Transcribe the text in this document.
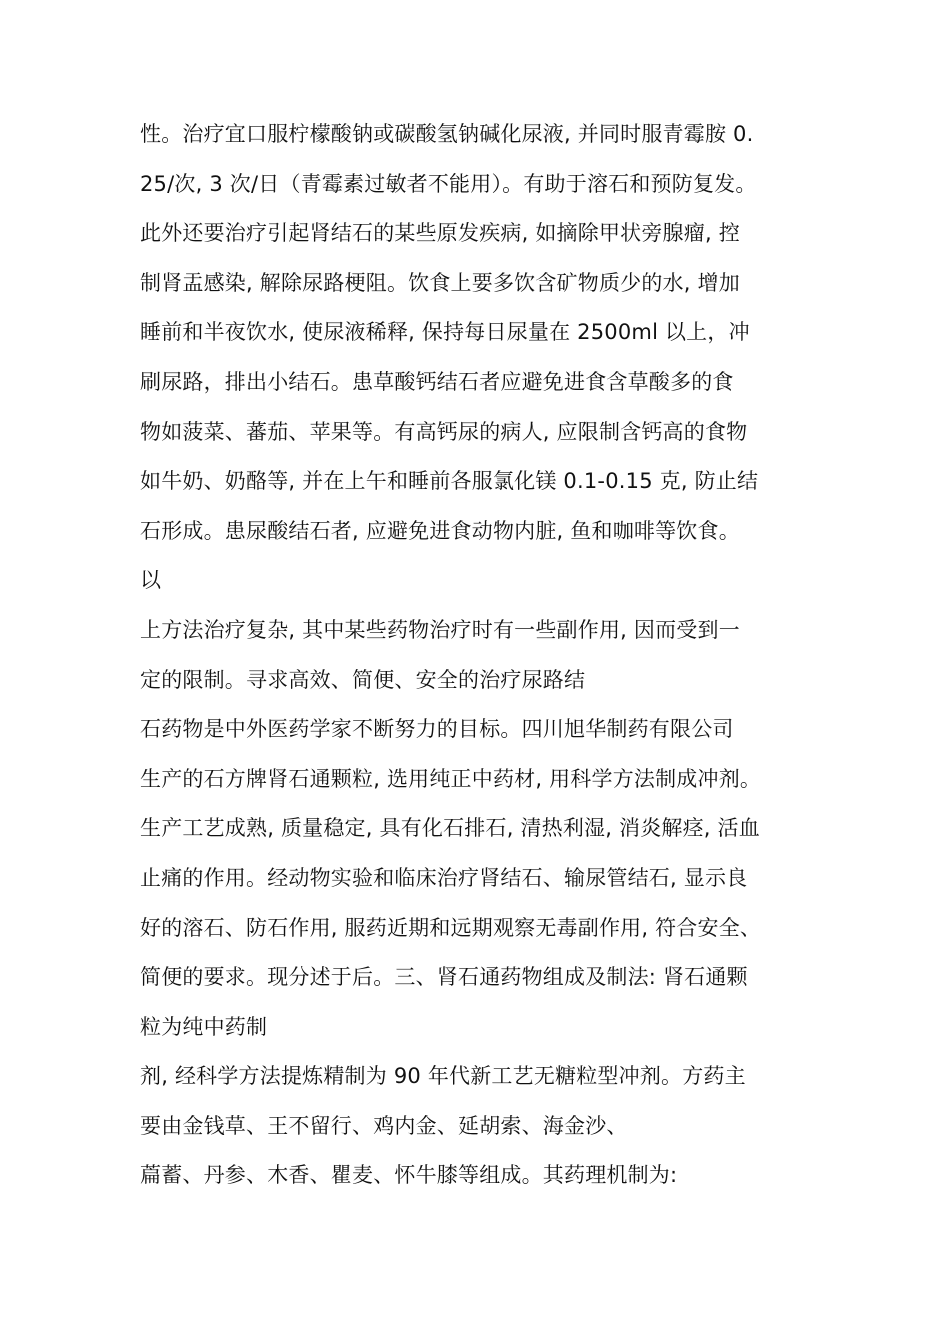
性。治疗宜口服柠檬酸钠或碳酸氢钠碱化尿液, 并同时服青霉胺 0.
25/次, 3 次/日（青霉素过敏者不能用）。有助于溶石和预防复发。
此外还要治疗引起肾结石的某些原发疾病, 如摘除甲状旁腺瘤, 控
制肾盂感染, 解除尿路梗阻。饮食上要多饮含矿物质少的水, 增加
睡前和半夜饮水, 使尿液稀释, 保持每日尿量在 2500ml 以上，冲
刷尿路，排出小结石。患草酸钙结石者应避免进食含草酸多的食
物如菠菜、蕃茄、苹果等。有高钙尿的病人, 应限制含钙高的食物
如牛奶、奶酪等, 并在上午和睡前各服氯化镁 0.1-0.15 克, 防止结
石形成。患尿酸结石者, 应避免进食动物内脏, 鱼和咖啡等饮食。
以
上方法治疗复杂, 其中某些药物治疗时有一些副作用, 因而受到一
定的限制。寻求高效、简便、安全的治疗尿路结
石药物是中外医药学家不断努力的目标。四川旭华制药有限公司
生产的石方牌肾石通颗粒, 选用纯正中药材, 用科学方法制成冲剂。
生产工艺成熟, 质量稳定, 具有化石排石, 清热利湿, 消炎解痉, 活血
止痛的作用。经动物实验和临床治疗肾结石、输尿管结石, 显示良
好的溶石、防石作用, 服药近期和远期观察无毒副作用, 符合安全、
简便的要求。现分述于后。三、肾石通药物组成及制法: 肾石通颗
粒为纯中药制
剂, 经科学方法提炼精制为 90 年代新工艺无糖粒型冲剂。方药主
要由金钱草、王不留行、鸡内金、延胡索、海金沙、
萹蓄、丹参、木香、瞿麦、怀牛膝等组成。其药理机制为:
